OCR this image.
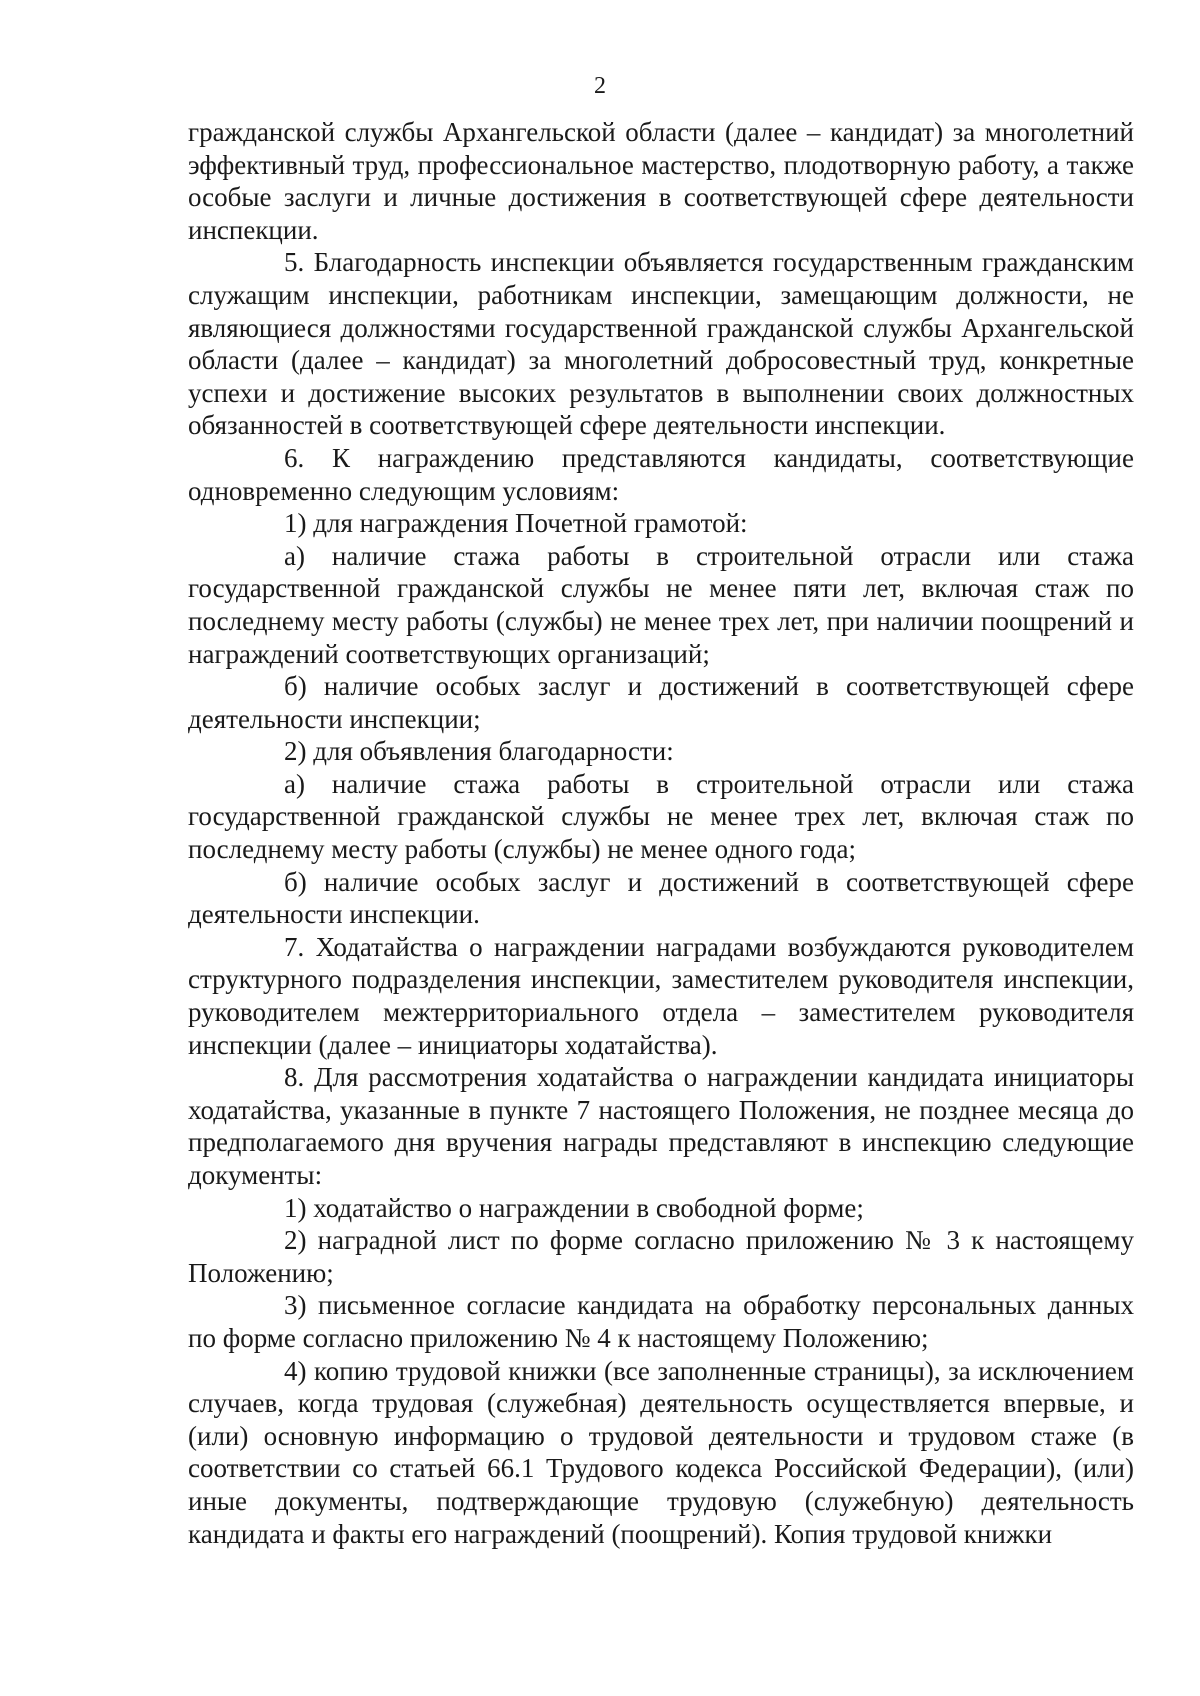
2

гражданской службы Архангельской области (далее – кандидат) за многолетний эффективный труд, профессиональное мастерство, плодотворную работу, а также особые заслуги и личные достижения в соответствующей сфере деятельности инспекции.

5. Благодарность инспекции объявляется государственным гражданским служащим инспекции, работникам инспекции, замещающим должности, не являющиеся должностями государственной гражданской службы Архангельской области (далее – кандидат) за многолетний добросовестный труд, конкретные успехи и достижение высоких результатов в выполнении своих должностных обязанностей в соответствующей сфере деятельности инспекции.

6. К награждению представляются кандидаты, соответствующие одновременно следующим условиям:

1) для награждения Почетной грамотой:

а) наличие стажа работы в строительной отрасли или стажа государственной гражданской службы не менее пяти лет, включая стаж по последнему месту работы (службы) не менее трех лет, при наличии поощрений и награждений соответствующих организаций;

б) наличие особых заслуг и достижений в соответствующей сфере деятельности инспекции;

2) для объявления благодарности:

а) наличие стажа работы в строительной отрасли или стажа государственной гражданской службы не менее трех лет, включая стаж по последнему месту работы (службы) не менее одного года;

б) наличие особых заслуг и достижений в соответствующей сфере деятельности инспекции.

7. Ходатайства о награждении наградами возбуждаются руководителем структурного подразделения инспекции, заместителем руководителя инспекции, руководителем межтерриториального отдела – заместителем руководителя инспекции (далее – инициаторы ходатайства).

8. Для рассмотрения ходатайства о награждении кандидата инициаторы ходатайства, указанные в пункте 7 настоящего Положения, не позднее месяца до предполагаемого дня вручения награды представляют в инспекцию следующие документы:

1) ходатайство о награждении в свободной форме;

2) наградной лист по форме согласно приложению № 3 к настоящему Положению;

3) письменное согласие кандидата на обработку персональных данных по форме согласно приложению № 4 к настоящему Положению;

4) копию трудовой книжки (все заполненные страницы), за исключением случаев, когда трудовая (служебная) деятельность осуществляется впервые, и (или) основную информацию о трудовой деятельности и трудовом стаже (в соответствии со статьей 66.1 Трудового кодекса Российской Федерации), (или) иные документы, подтверждающие трудовую (служебную) деятельность кандидата и факты его награждений (поощрений). Копия трудовой книжки
